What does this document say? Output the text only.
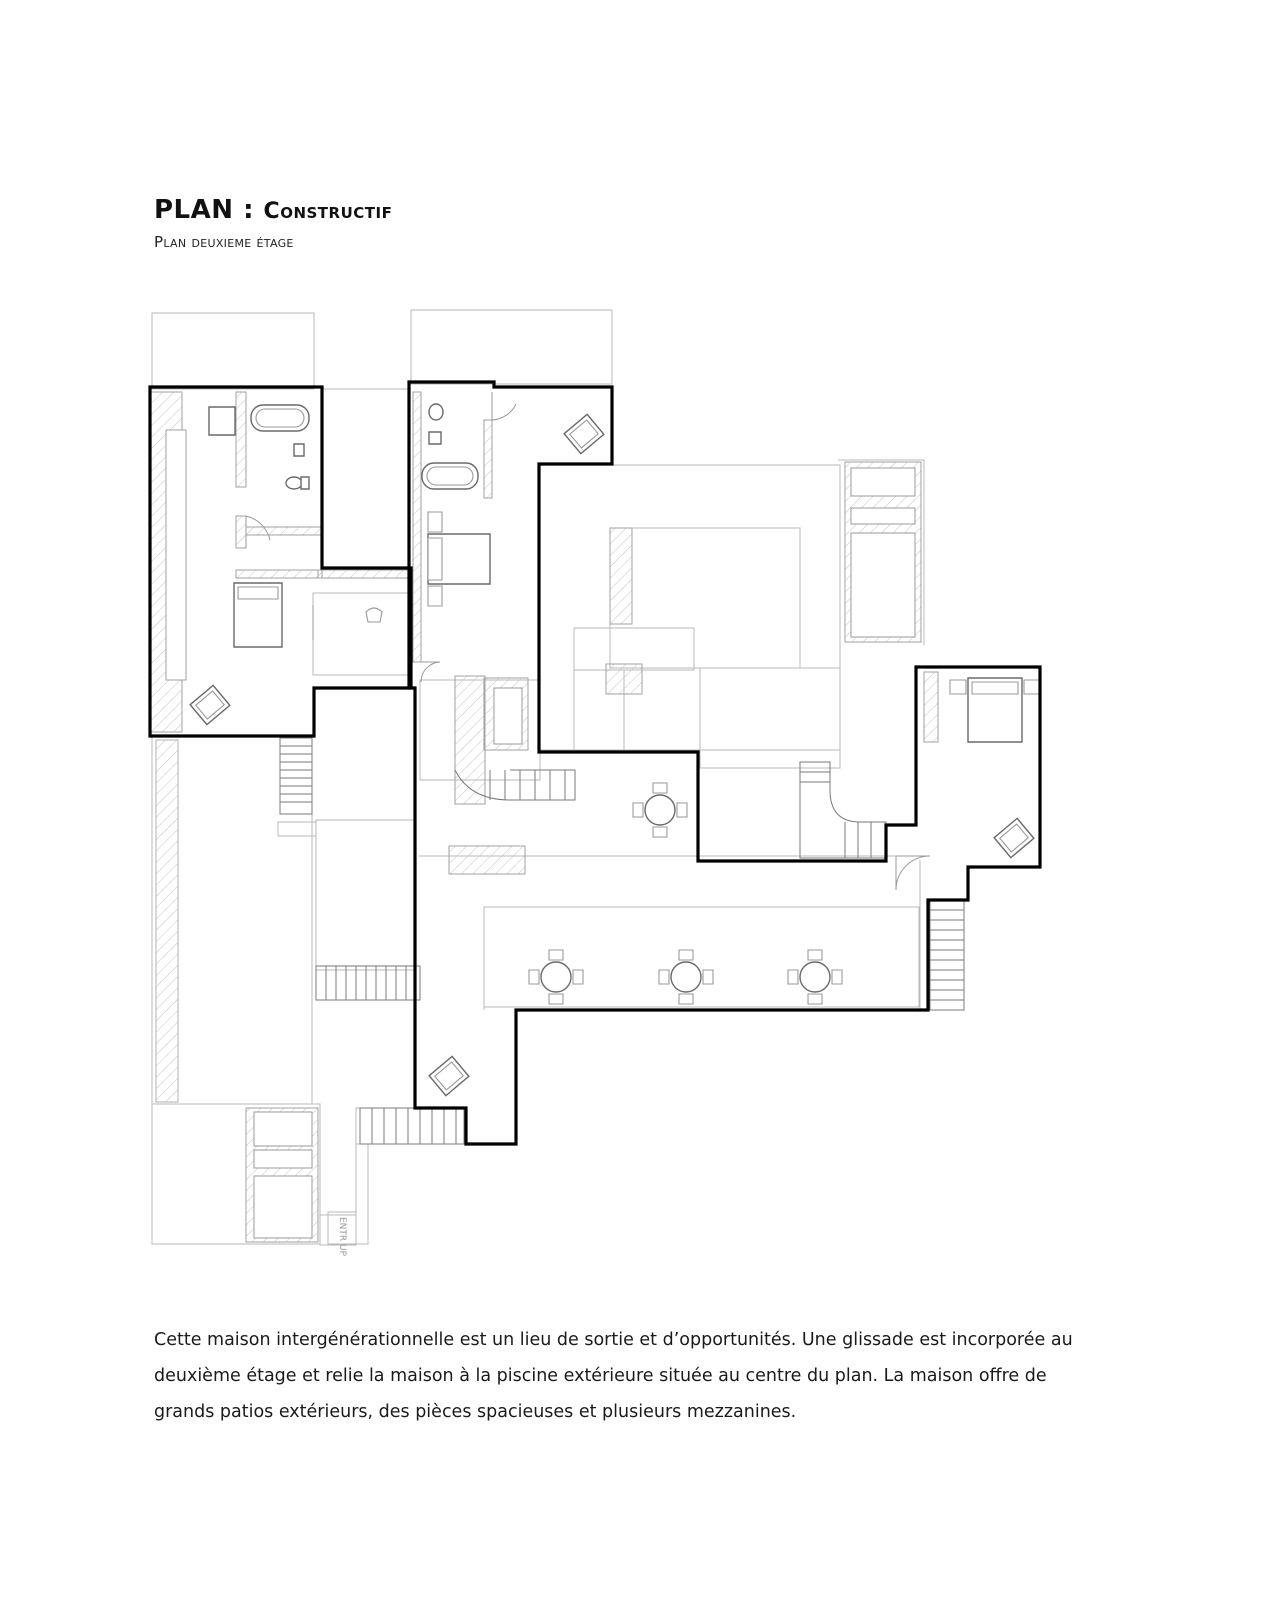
PLAN : Constructif
Plan deuxieme étage
ENTR UP

Cette maison intergénérationnelle est un lieu de sortie et d’opportunités. Une glissade est incorporée au deuxième étage et relie la maison à la piscine extérieure située au centre du plan. La maison offre de grands patios extérieurs, des pièces spacieuses et plusieurs mezzanines.
